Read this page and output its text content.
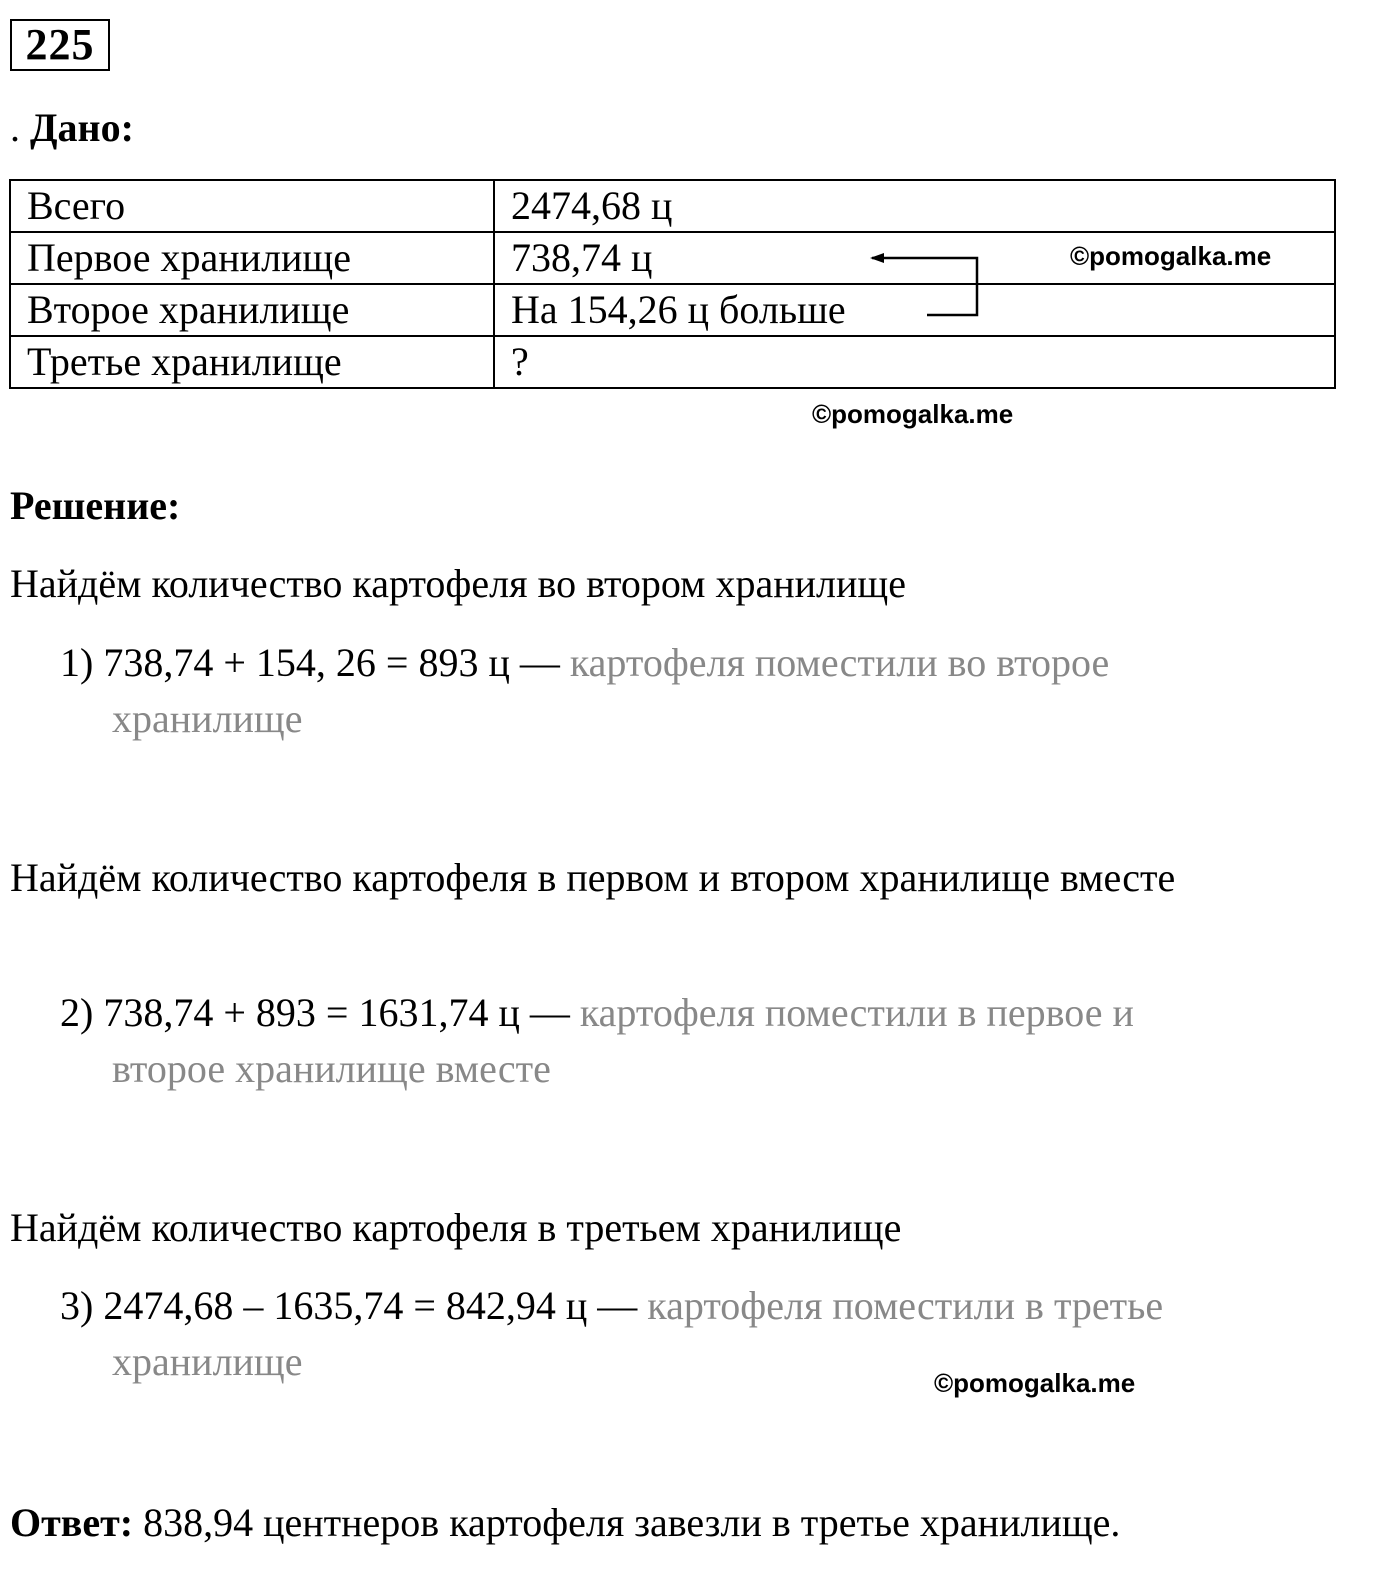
225
. Дано:
Всего	2474,68 ц
Первое хранилище	738,74 ц
Второе хранилище	На 154,26 ц больше
Третье хранилище	?
©pomogalka.me
©pomogalka.me
©pomogalka.me
Решение:
Найдём количество картофеля во втором хранилище
1) 738,74 + 154, 26 = 893 ц — картофеля поместили во второе
хранилище
Найдём количество картофеля в первом и втором хранилище вместе
2) 738,74 + 893 = 1631,74 ц — картофеля поместили в первое и
второе хранилище вместе
Найдём количество картофеля в третьем хранилище
3) 2474,68 – 1635,74 = 842,94 ц — картофеля поместили в третье
хранилище
Ответ: 838,94 центнеров картофеля завезли в третье хранилище.
